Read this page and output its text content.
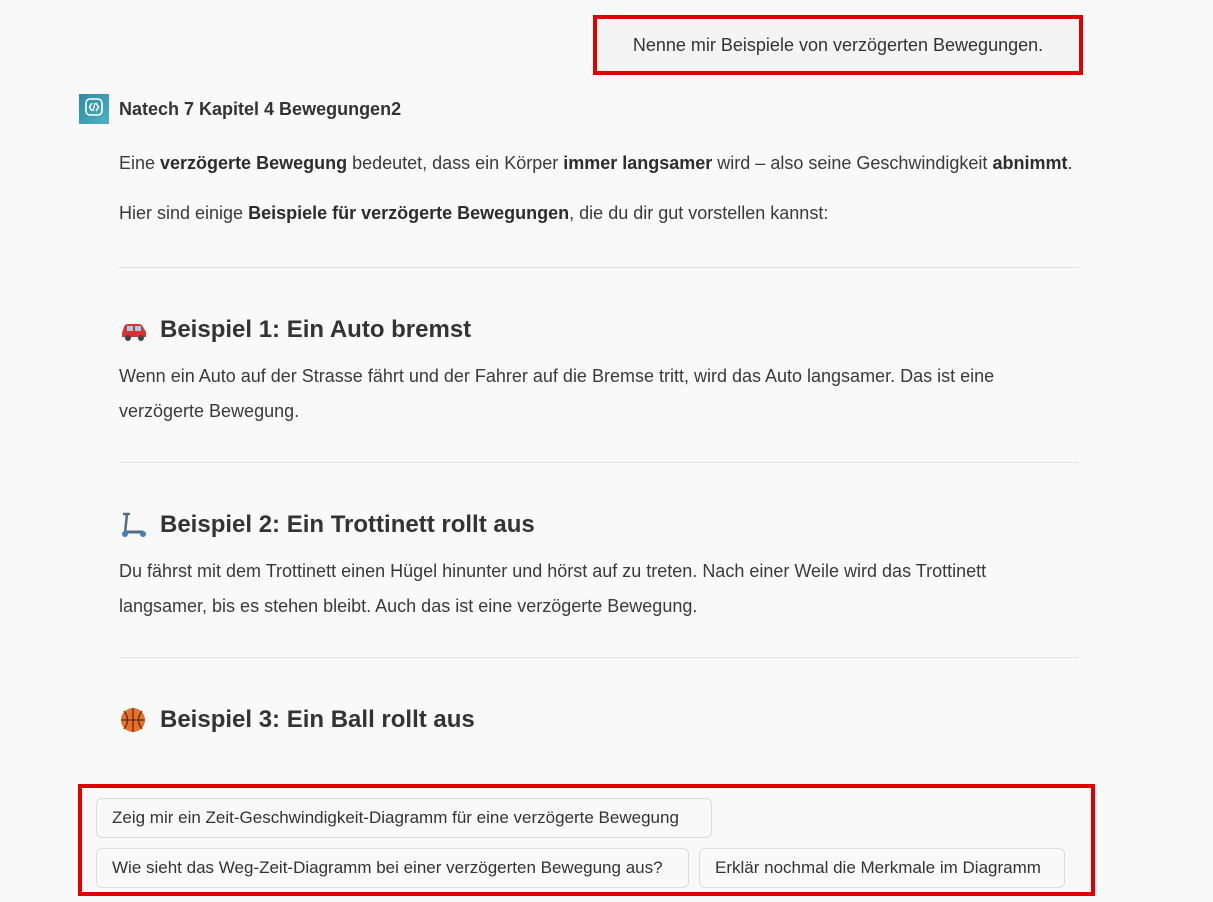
Nenne mir Beispiele von verzögerten Bewegungen.
Natech 7 Kapitel 4 Bewegungen2

Eine verzögerte Bewegung bedeutet, dass ein Körper immer langsamer wird – also seine Geschwindigkeit abnimmt.

Hier sind einige Beispiele für verzögerte Bewegungen, die du dir gut vorstellen kannst:

Beispiel 1: Ein Auto bremst

Wenn ein Auto auf der Strasse fährt und der Fahrer auf die Bremse tritt, wird das Auto langsamer. Das ist eine verzögerte Bewegung.

Beispiel 2: Ein Trottinett rollt aus

Du fährst mit dem Trottinett einen Hügel hinunter und hörst auf zu treten. Nach einer Weile wird das Trottinett langsamer, bis es stehen bleibt. Auch das ist eine verzögerte Bewegung.

Beispiel 3: Ein Ball rollt aus
Zeig mir ein Zeit-Geschwindigkeit-Diagramm für eine verzögerte Bewegung
Wie sieht das Weg-Zeit-Diagramm bei einer verzögerten Bewegung aus?	Erklär nochmal die Merkmale im Diagramm
